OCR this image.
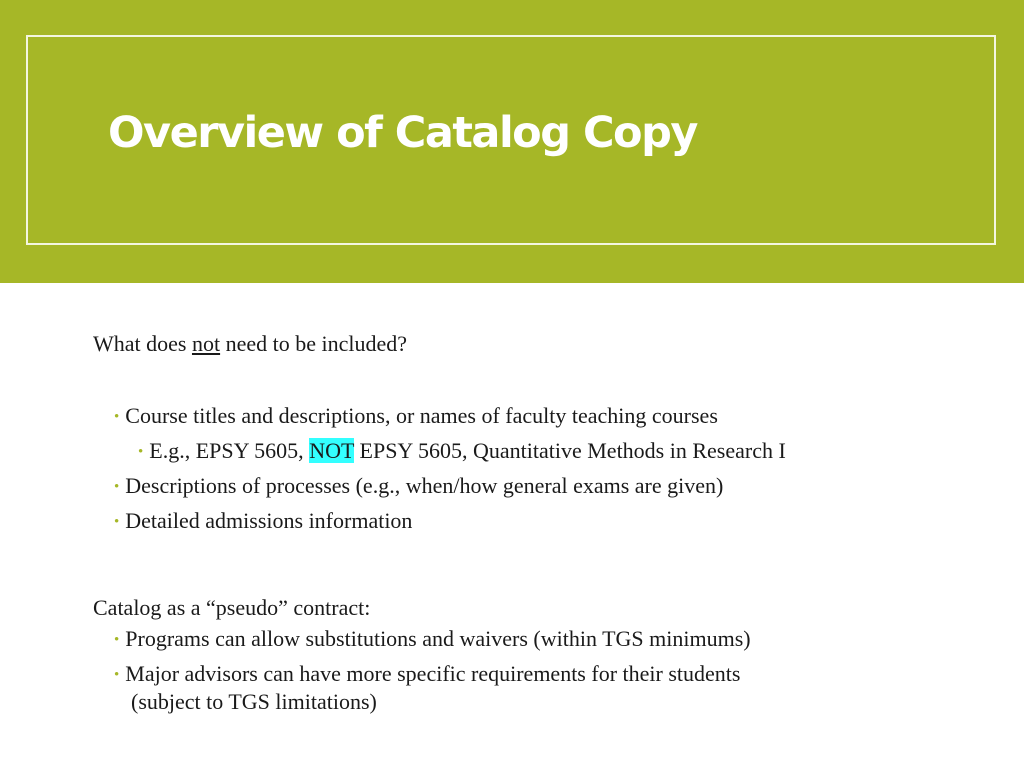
Overview of Catalog Copy
What does not need to be included?
• Course titles and descriptions, or names of faculty teaching courses
• E.g., EPSY 5605, NOT EPSY 5605, Quantitative Methods in Research I
• Descriptions of processes (e.g., when/how general exams are given)
• Detailed admissions information
Catalog as a “pseudo” contract:
• Programs can allow substitutions and waivers (within TGS minimums)
• Major advisors can have more specific requirements for their students
(subject to TGS limitations)
